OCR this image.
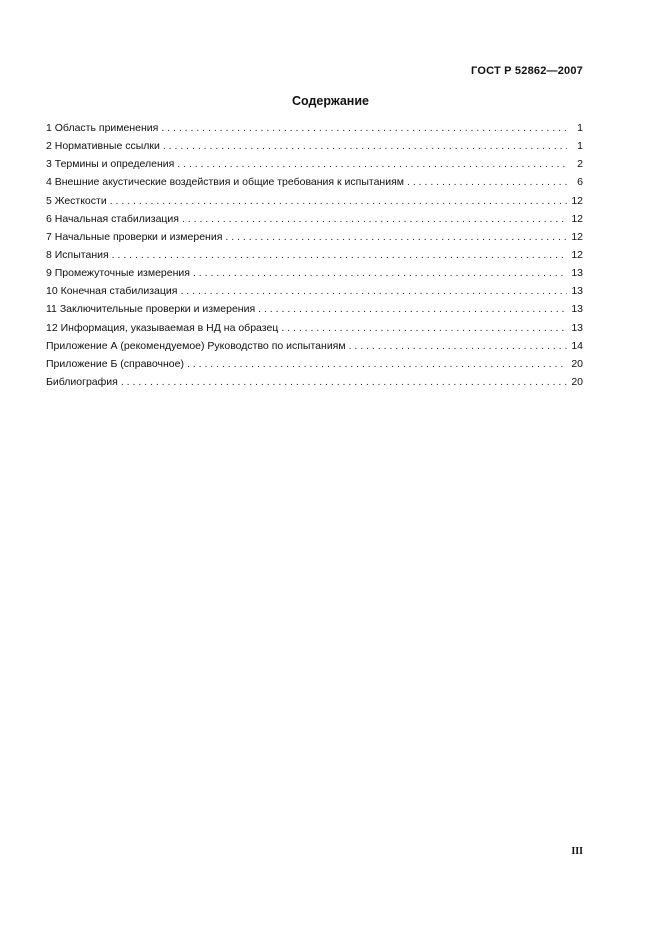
ГОСТ Р 52862—2007
Содержание
1 Область применения . . .	1
2 Нормативные ссылки . . .	1
3 Термины и определения . . .	2
4 Внешние акустические воздействия и общие требования к испытаниям . . .	6
5 Жесткости . . .	12
6 Начальная стабилизация . . .	12
7 Начальные проверки и измерения . . .	12
8 Испытания . . .	12
9 Промежуточные измерения . . .	13
10 Конечная стабилизация . . .	13
11 Заключительные проверки и измерения . . .	13
12 Информация, указываемая в НД на образец . . .	13
Приложение А (рекомендуемое) Руководство по испытаниям . . .	14
Приложение Б (справочное) . . .	20
Библиография . . .	20
III
